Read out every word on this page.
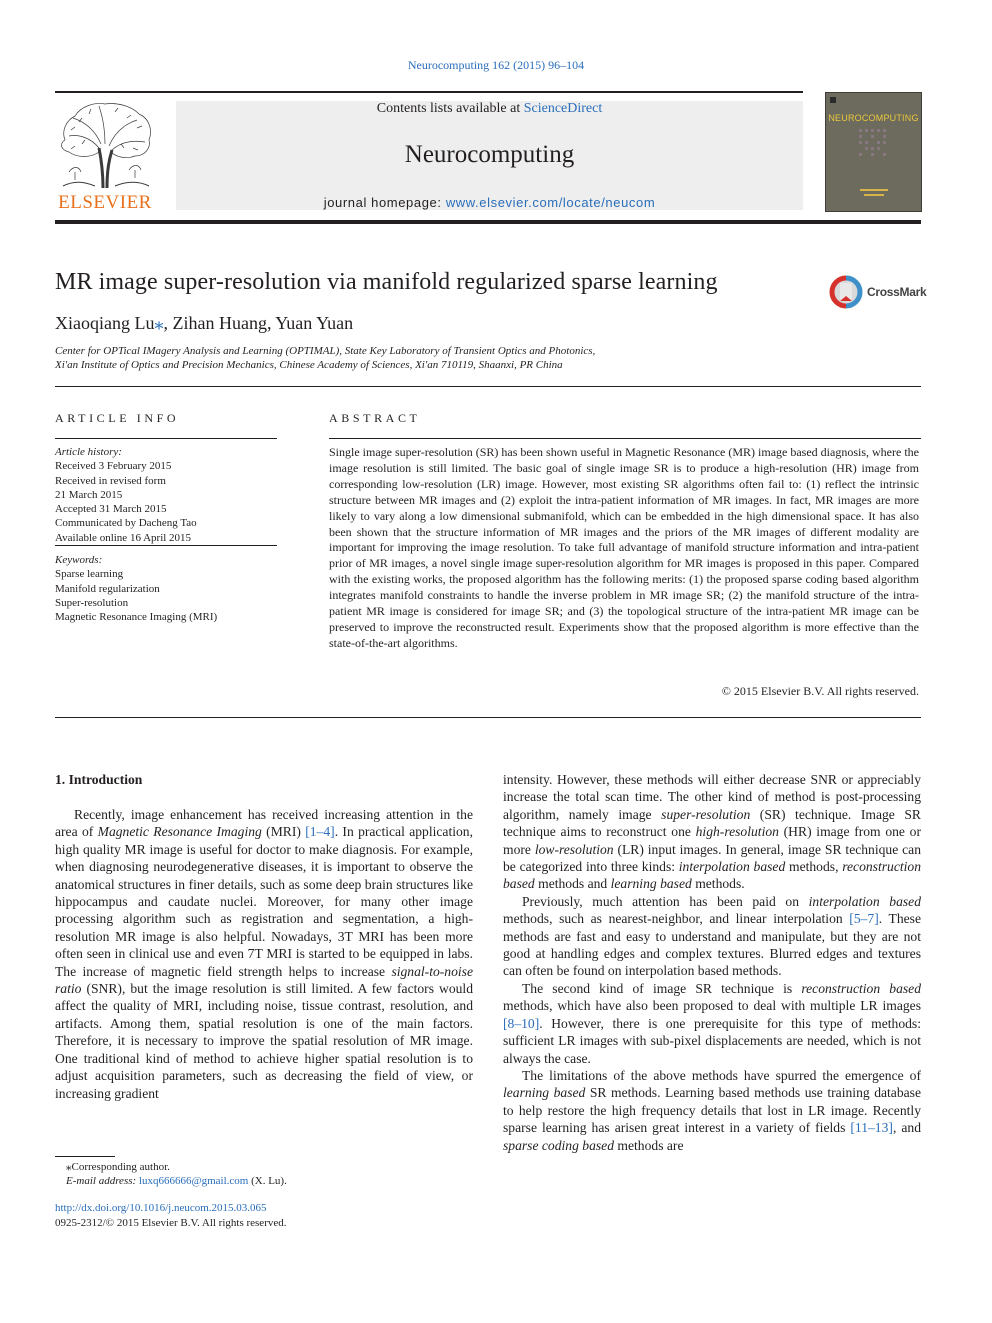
Neurocomputing 162 (2015) 96–104
ELSEVIER
Contents lists available at ScienceDirect
Neurocomputing
journal homepage: www.elsevier.com/locate/neucom
NEUROCOMPUTING
MR image super-resolution via manifold regularized sparse learning	CrossMark
Xiaoqiang Lu⁎, Zihan Huang, Yuan Yuan
Center for OPTical IMagery Analysis and Learning (OPTIMAL), State Key Laboratory of Transient Optics and Photonics,
Xi'an Institute of Optics and Precision Mechanics, Chinese Academy of Sciences, Xi'an 710119, Shaanxi, PR China
ARTICLE INFO
Article history:
Received 3 February 2015
Received in revised form
21 March 2015
Accepted 31 March 2015
Communicated by Dacheng Tao
Available online 16 April 2015
Keywords:
Sparse learning
Manifold regularization
Super-resolution
Magnetic Resonance Imaging (MRI)
ABSTRACT
Single image super-resolution (SR) has been shown useful in Magnetic Resonance (MR) image based diagnosis, where the image resolution is still limited. The basic goal of single image SR is to produce a high-resolution (HR) image from corresponding low-resolution (LR) image. However, most existing SR algorithms often fail to: (1) reflect the intrinsic structure between MR images and (2) exploit the intra-patient information of MR images. In fact, MR images are more likely to vary along a low dimensional submanifold, which can be embedded in the high dimensional space. It has also been shown that the structure information of MR images and the priors of the MR images of different modality are important for improving the image resolution. To take full advantage of manifold structure information and intra-patient prior of MR images, a novel single image super-resolution algorithm for MR images is proposed in this paper. Compared with the existing works, the proposed algorithm has the following merits: (1) the proposed sparse coding based algorithm integrates manifold constraints to handle the inverse problem in MR image SR; (2) the manifold structure of the intra-patient MR image is considered for image SR; and (3) the topological structure of the intra-patient MR image can be preserved to improve the reconstructed result. Experiments show that the proposed algorithm is more effective than the state-of-the-art algorithms.
© 2015 Elsevier B.V. All rights reserved.
1. Introduction

Recently, image enhancement has received increasing attention in the area of Magnetic Resonance Imaging (MRI) [1–4]. In practical application, high quality MR image is useful for doctor to make diagnosis. For example, when diagnosing neurodegenerative diseases, it is important to observe the anatomical structures in finer details, such as some deep brain structures like hippocampus and caudate nuclei. Moreover, for many other image processing algorithm such as registration and segmentation, a high-resolution MR image is also helpful. Nowadays, 3T MRI has been more often seen in clinical use and even 7T MRI is started to be equipped in labs. The increase of magnetic field strength helps to increase signal-to-noise ratio (SNR), but the image resolution is still limited. A few factors would affect the quality of MRI, including noise, tissue contrast, resolution, and artifacts. Among them, spatial resolution is one of the main factors. Therefore, it is necessary to improve the spatial resolution of MR image. One traditional kind of method to achieve higher spatial resolution is to adjust acquisition parameters, such as decreasing the field of view, or increasing gradient

intensity. However, these methods will either decrease SNR or appreciably increase the total scan time. The other kind of method is post-processing algorithm, namely image super-resolution (SR) technique. Image SR technique aims to reconstruct one high-resolution (HR) image from one or more low-resolution (LR) input images. In general, image SR technique can be categorized into three kinds: interpolation based methods, reconstruction based methods and learning based methods.

Previously, much attention has been paid on interpolation based methods, such as nearest-neighbor, and linear interpolation [5–7]. These methods are fast and easy to understand and manipulate, but they are not good at handling edges and complex textures. Blurred edges and textures can often be found on interpolation based methods.

The second kind of image SR technique is reconstruction based methods, which have also been proposed to deal with multiple LR images [8–10]. However, there is one prerequisite for this type of methods: sufficient LR images with sub-pixel displacements are needed, which is not always the case.

The limitations of the above methods have spurred the emergence of learning based SR methods. Learning based methods use training database to help restore the high frequency details that lost in LR image. Recently sparse learning has arisen great interest in a variety of fields [11–13], and sparse coding based methods are

⁎Corresponding author.
E-mail address: luxq666666@gmail.com (X. Lu).
http://dx.doi.org/10.1016/j.neucom.2015.03.065
0925-2312/© 2015 Elsevier B.V. All rights reserved.
